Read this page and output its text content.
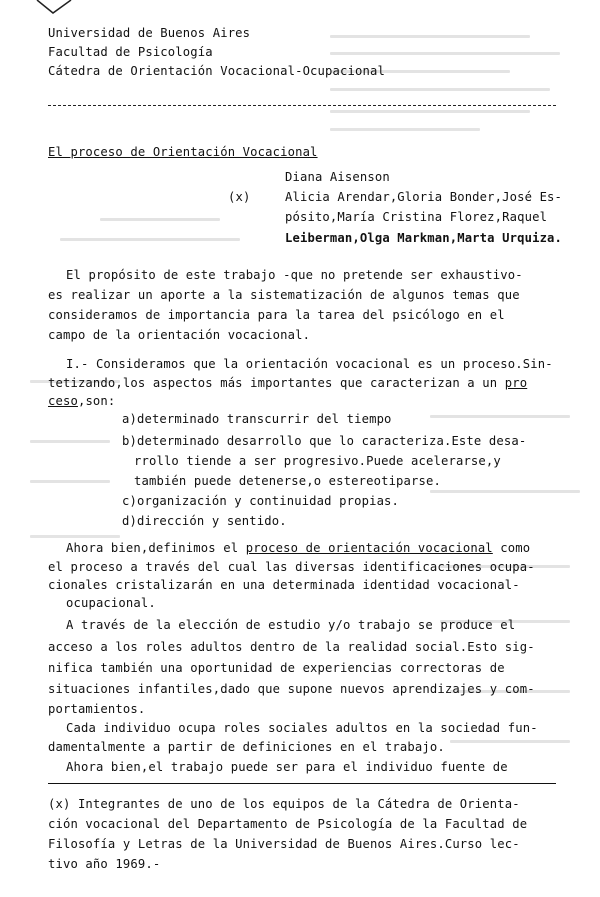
Universidad de Buenos Aires
Facultad de Psicología
Cátedra de Orientación Vocacional-Ocupacional
El proceso de Orientación Vocacional
Diana Aisenson
(x)	Alicia Arendar,Gloria Bonder,José Es-
pósito,María Cristina Florez,Raquel
Leiberman,Olga Markman,Marta Urquiza.
El propósito de este trabajo -que no pretende ser exhaustivo-
es realizar un aporte a la sistematización de algunos temas que
consideramos de importancia para la tarea del psicólogo en el
campo de la orientación vocacional.
I.- Consideramos que la orientación vocacional es un proceso.Sin-
tetizando,los aspectos más importantes que caracterizan a un pro
ceso,son:
a)determinado transcurrir del tiempo
b)determinado desarrollo que lo caracteriza.Este desa-
rrollo tiende a ser progresivo.Puede acelerarse,y
también puede detenerse,o estereotiparse.
c)organización y continuidad propias.
d)dirección y sentido.
Ahora bien,definimos el proceso de orientación vocacional como
el proceso a través del cual las diversas identificaciones ocupa-
cionales cristalizarán en una determinada identidad vocacional-
ocupacional.
A través de la elección de estudio y/o trabajo se produce el
acceso a los roles adultos dentro de la realidad social.Esto sig-
nifica también una oportunidad de experiencias correctoras de
situaciones infantiles,dado que supone nuevos aprendizajes y com-
portamientos.
Cada individuo ocupa roles sociales adultos en la sociedad fun-
damentalmente a partir de definiciones en el trabajo.
Ahora bien,el trabajo puede ser para el individuo fuente de
(x) Integrantes de uno de los equipos de la Cátedra de Orienta-
ción vocacional del Departamento de Psicología de la Facultad de
Filosofía y Letras de la Universidad de Buenos Aires.Curso lec-
tivo año 1969.-
